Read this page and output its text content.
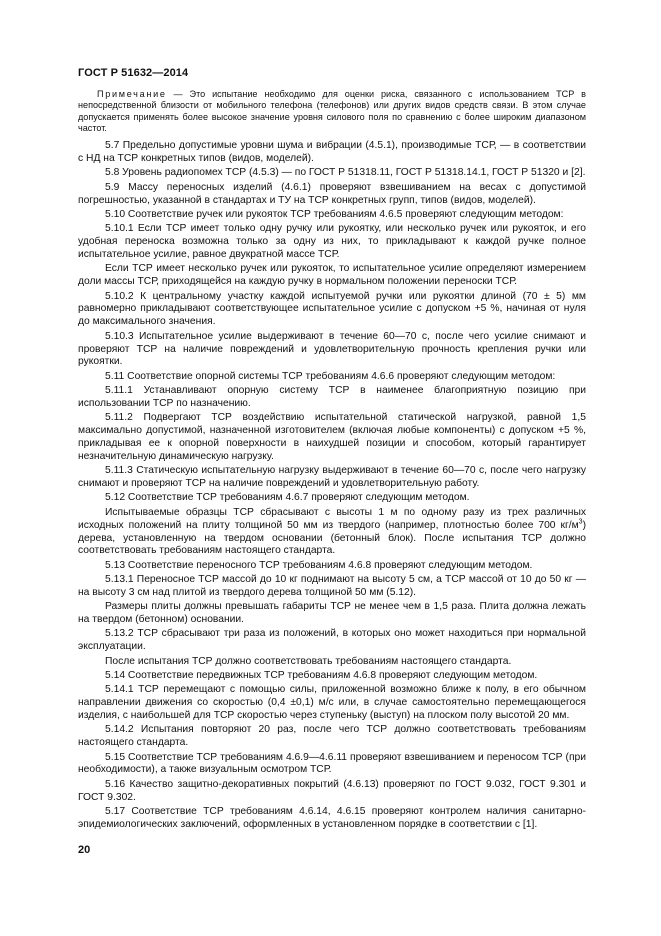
ГОСТ Р 51632—2014

Примечание — Это испытание необходимо для оценки риска, связанного с использованием ТСР в непосредственной близости от мобильного телефона (телефонов) или других видов средств связи. В этом случае допускается применять более высокое значение уровня силового поля по сравнению с более широким диапазоном частот.

5.7 Предельно допустимые уровни шума и вибрации (4.5.1), производимые ТСР, — в соответствии с НД на ТСР конкретных типов (видов, моделей).

5.8 Уровень радиопомех ТСР (4.5.3) — по ГОСТ Р 51318.11, ГОСТ Р 51318.14.1, ГОСТ Р 51320 и [2].

5.9 Массу переносных изделий (4.6.1) проверяют взвешиванием на весах с допустимой погрешностью, указанной в стандартах и ТУ на ТСР конкретных групп, типов (видов, моделей).

5.10 Соответствие ручек или рукояток ТСР требованиям 4.6.5 проверяют следующим методом:

5.10.1 Если ТСР имеет только одну ручку или рукоятку, или несколько ручек или рукояток, и его удобная переноска возможна только за одну из них, то прикладывают к каждой ручке полное испытательное усилие, равное двукратной массе ТСР.

Если ТСР имеет несколько ручек или рукояток, то испытательное усилие определяют измерением доли массы ТСР, приходящейся на каждую ручку в нормальном положении переноски ТСР.

5.10.2 К центральному участку каждой испытуемой ручки или рукоятки длиной (70 ± 5) мм равномерно прикладывают соответствующее испытательное усилие с допуском +5 %, начиная от нуля до максимального значения.

5.10.3 Испытательное усилие выдерживают в течение 60—70 с, после чего усилие снимают и проверяют ТСР на наличие повреждений и удовлетворительную прочность крепления ручки или рукоятки.

5.11 Соответствие опорной системы ТСР требованиям 4.6.6 проверяют следующим методом:

5.11.1 Устанавливают опорную систему ТСР в наименее благоприятную позицию при использовании ТСР по назначению.

5.11.2 Подвергают ТСР воздействию испытательной статической нагрузкой, равной 1,5 максимально допустимой, назначенной изготовителем (включая любые компоненты) с допуском +5 %, прикладывая ее к опорной поверхности в наихудшей позиции и способом, который гарантирует незначительную динамическую нагрузку.

5.11.3 Статическую испытательную нагрузку выдерживают в течение 60—70 с, после чего нагрузку снимают и проверяют ТСР на наличие повреждений и удовлетворительную работу.

5.12 Соответствие ТСР требованиям 4.6.7 проверяют следующим методом.

Испытываемые образцы ТСР сбрасывают с высоты 1 м по одному разу из трех различных исходных положений на плиту толщиной 50 мм из твердого (например, плотностью более 700 $кг/м^3$) дерева, установленную на твердом основании (бетонный блок). После испытания ТСР должно соответствовать требованиям настоящего стандарта.

5.13 Соответствие переносного ТСР требованиям 4.6.8 проверяют следующим методом.

5.13.1 Переносное ТСР массой до 10 кг поднимают на высоту 5 см, а ТСР массой от 10 до 50 кг — на высоту 3 см над плитой из твердого дерева толщиной 50 мм (5.12).

Размеры плиты должны превышать габариты ТСР не менее чем в 1,5 раза. Плита должна лежать на твердом (бетонном) основании.

5.13.2 ТСР сбрасывают три раза из положений, в которых оно может находиться при нормальной эксплуатации.

После испытания ТСР должно соответствовать требованиям настоящего стандарта.

5.14 Соответствие передвижных ТСР требованиям 4.6.8 проверяют следующим методом.

5.14.1 ТСР перемещают с помощью силы, приложенной возможно ближе к полу, в его обычном направлении движения со скоростью (0,4 ±0,1) м/с или, в случае самостоятельно перемещающегося изделия, с наибольшей для ТСР скоростью через ступеньку (выступ) на плоском полу высотой 20 мм.

5.14.2 Испытания повторяют 20 раз, после чего ТСР должно соответствовать требованиям настоящего стандарта.

5.15 Соответствие ТСР требованиям 4.6.9—4.6.11 проверяют взвешиванием и переносом ТСР (при необходимости), а также визуальным осмотром ТСР.

5.16 Качество защитно-декоративных покрытий (4.6.13) проверяют по ГОСТ 9.032, ГОСТ 9.301 и ГОСТ 9.302.

5.17 Соответствие ТСР требованиям 4.6.14, 4.6.15 проверяют контролем наличия санитарно-эпидемиологических заключений, оформленных в установленном порядке в соответствии с [1].

20
